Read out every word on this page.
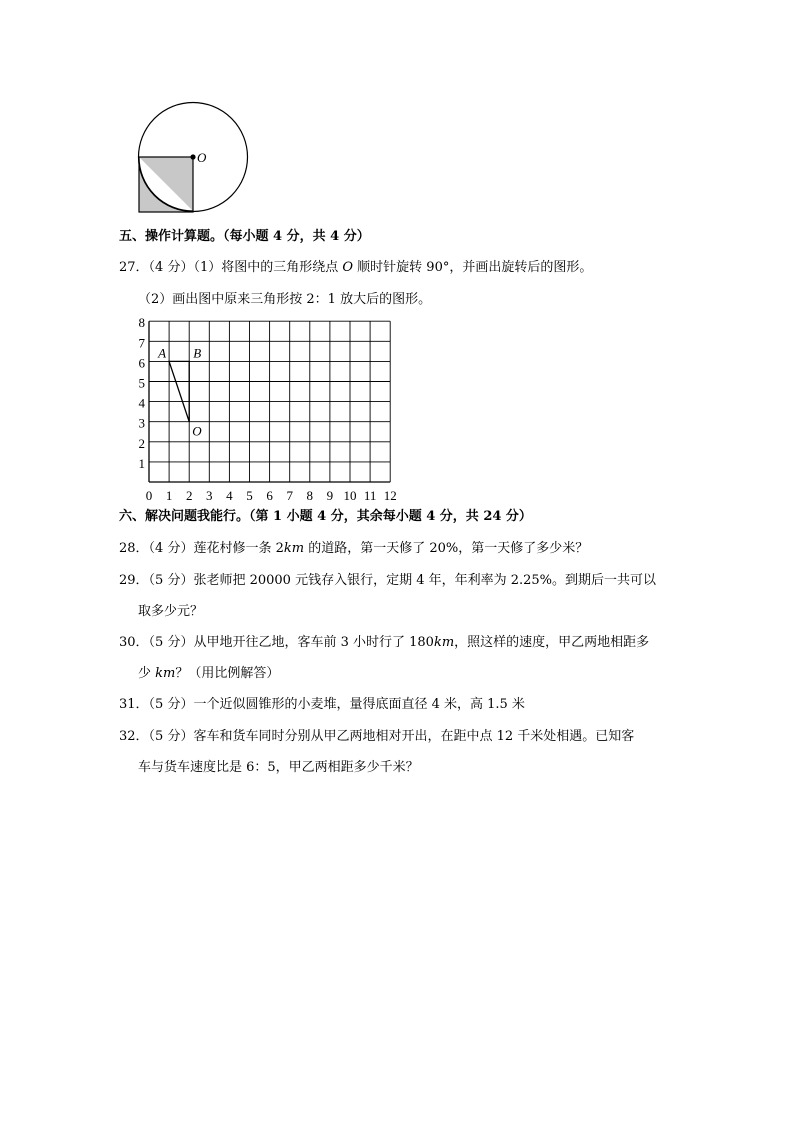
O
五、操作计算题。（每小题 4 分，共 4 分）
27．（4 分）（1）将图中的三角形绕点 O 顺时针旋转 90°，并画出旋转后的图形。
（2）画出图中原来三角形按 2：1 放大后的图形。
0 1 2 3 4 5 6 7 8 9 10 11 12
1
2
3
4
5
6
7
8
A B
O
六、解决问题我能行。（第 1 小题 4 分，其余每小题 4 分，共 24 分）
28．（4 分）莲花村修一条 2km 的道路，第一天修了 20%，第一天修了多少米？
29．（5 分）张老师把 20000 元钱存入银行，定期 4 年，年利率为 2.25%。到期后一共可以
取多少元？
30．（5 分）从甲地开往乙地，客车前 3 小时行了 180km，照这样的速度，甲乙两地相距多
少 km？（用比例解答）
31．（5 分）一个近似圆锥形的小麦堆，量得底面直径 4 米，高 1.5 米
32．（5 分）客车和货车同时分别从甲乙两地相对开出，在距中点 12 千米处相遇。已知客
车与货车速度比是 6：5，甲乙两相距多少千米？
